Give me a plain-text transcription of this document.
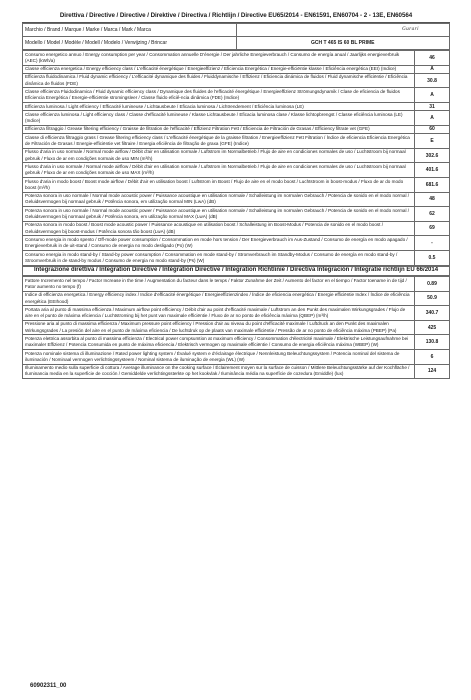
Direttiva / Directive / Directive / Direktive / Directiva / Richtlijn / Directive EU65/2014 - EN61591, EN60704 - 2 - 13E, EN60564
Marchio / Brand / Marque / Marke / Marca / Mark / Marca	Gurari
Modello / Model / Modèle / Modell / Modelo / Verwijzing / Brincar	GCH T 465 IS 60 BL PRIME
Consumo energetico annuo / Energy consumption per year / Consommation annuelle D'énergie / Der jahrliche Energieverbrauch / Consumo de energía anual / Jaarlijks energieverbruik (AEC) (kWh/a)	46
Classe efficienza energetica / Energy efficiency class / L'efficacité énergétique / Energieeffizienz / Eficiencia Energética / Energie-efficiëntie klasse / Eficiência energética (EEI) (Indice)	A
Efficienza fluidodinamica / Fluid dynamic efficiency / L'efficacité dynamique des fluides / Fluiddynamische / Effizienz / Eficiencia dinámica de fluidos / Fluid dynamische efficiëntie / Eficiência dinâmica de fluidos (FDE)	30.8
Classe efficienza Fluidodinamica / Fluid dynamic efficiency class / Dynamique des fluides de l'efficacité énergétique / Energieeffizienz Strömungsdynamik / Clase de eficiencia de fluidos Eficiencia Energética / Energie-efficiëntie stromingsleer / Classe fluido eficiê-ncia dinâmica (FDE) (Indice)	A
Efficienza luminosa / Light efficiency / Efficacité lumineuse / Lichtausbeute / Eficacia luminosa / Lichtrendement / Eficiência luminosa (LE)	31
Classe efficienza luminosa / Light efficiency class / Classe d'efficacité lumineuse / Klasse Lichtausbeute / Eficacia luminosa clase / Klasse lichtopbrengst / Classe eficiência luminosa (LE) (Indice)	A
Efficienza filtraggio / Grease filtering efficiency / Graisse de filtration de l'efficacité / Effizienz Filtration Fett / Eficiencia de Filtración de Grasas / Efficiency filtrate vet (GFE)	60
Classe di efficienza filtraggio grass / Grease filtering efficiency class / L'efficacité énergétique de la graisse filtration / Energieeffizienz Fett Filtration / Índice de eficiencia Eficiencia Energética de Filtración de Grasas / Energie-efficiëntie vet filtraire / Energia eficiência de filtração de graxa (GFE) (Indice)	E
Flusso d'aria in uso normale / Normal mode airflow / Débit d'air en utilisation normale / Luftstrom im Normalbetrieb / Flujo de aire en condiciones normales de uso / Luchtstroom bij normaal gebruik / Fluxo de ar em condições normais de uso MIN (m³/h)	302.6
Flusso d'aria in uso normale / Normal mode airflow / Débit d'air en utilisation normale / Luftstrom im Normalbetrieb / Flujo de aire en condiciones normales de uso / Luchtstroom bij normaal gebruik / Fluxo de ar em condições normais de uso MAX (m³/h)	401.6
Flusso d'aria in modo boost / Boost mode airflow / Débit d'air en utilisation boost / Luftstrom im Boost / Flujo de aire en el modo boost / Luchtstroom in boost-modus / Fluxo de ar do modo boost (m³/h)	681.6
Potenza sonora in uso normale / Normal mode acoustic power / Puissance acoustique en utilisation normale / Schalleistung im normalen Gebrauch / Potencia de sonido en el modo normal / Geluidsvermogen bij normaal gebruik / Potência sonora, em utilização normal MIN (LwA) (dB)	48
Potenza sonora in uso normale / Normal mode acoustic power / Puissance acoustique en utilisation normale / Schalleistung im normalen Gebrauch / Potencia de sonido en el modo normal / Geluidsvermogen bij normaal gebruik / Potência sonora, em utilização normal MAX (LwA) (dB)	62
Potenza sonora in modo boost / Boost mode acoustic power / Puissance acoustique en utilisation boost / Schalleistung im Boost-Modus / Potencia de sonido en el modo boost / Geluidsvermogen bij boost-modus / Potência sonora tão boost (LwA) (dB)	69
Consumo energia in modo spento / Off-mode power consumption / Consommation en mode hors tension / Der Energieverbrauch im Aus-Zustand / Consumo de energía en modo apagado / Energieverbruik in de uit-stand / Consumo de energia no modo desligado (Po) (W)	-
Consumo energia in modo stand-by / Stand-by power consumption / Consommation en mode stand-by / Stromverbrauch im Standby-Modus / Consumo de energía en modo stand-by / Stroomverbruik in de stand-by modus / Consumo de energia no modo stand-by (Ps) (W)	0.5
Integrazione direttiva / Integration Directive / Intégration Directive / Integration Richtlinie / Directiva Integración / Integratie richtlijn EU 66/2014
Fattore Incremento nel tempo / Factor Increase in the time / Augmentation du facteur dans le temps / Faktor Zunahme der Zeit / Aumento del factor en el tiempo / Factor toename in de tijd / Fator aumento no tempo (f)	0.89
Indice di efficienza energetica / Energy efficiency index / Indice d'efficacité énergétique / Energieeffizienzindex / Índice de eficiencia energética / Energie efficiëntie Index / Índice de eficiência energética (EEIhood)	50.9
Portata aria al punto di massima efficienza / Maximum airflow point efficiency / Débit d'air au point d'efficacité maximale / Luftstrom an den Punkt des maximalen Wirkungsgrades / Flujo de aire en el punto de máxima eficiencia / Luchtstroming bij het punt van maximale efficiëntie / Fluxo de ar no ponto de eficiência máxima (QBEP) (m³/h)	340.7
Pressione aria al punto di massima efficienza / Maximum pressure point efficiency / Pression d'air au niveau du point d'efficacité maximale / Luftdruck an den Punkt des maximalen Wirkungsgrades / La presión del aire en el punto de máxima eficiencia / De luchtdruk op de plaats van maximale efficiëntie / Pressão de ar no ponto de eficiência máxima (PBEP) (Pa)	425
Potenza elettrica assorbita al punto di massima efficienza / Electrical power compsumtion at maximum efficiency / Consommation d'électricité maximale / Elektrische Leistungsaufnahme bei maximaler Effizienz / Potencia Consumida en punto de máxima eficiencia / Elektrisch vermogen op maximale efficiëntie / Consumo de energia eficiência máxima (WBEP) (W)	130.8
Potenza nominale sistema di illuminazione / Rated power lighting system / Évalué system e d'éclairage électrique / Nennleistung Beleuchtungssystem / Potencia nominal del sistema de iluminación / Nominaal vermogen verlichtingssysteem / Nominal sistema de iluminação de energia (WL) (W)	6
Illuminamento medio sulla superficie di cottura / Average illuminance on the cooking surface / Éclairement moyen sur la surface de cuisson / Mittlere Beleuchtungsstärke auf der Kochfläche / Iluminancia media en la superficie de cocción / Gemiddelde verlichtingssterkte op het kookvlak / Iluminância média na superfície de cozedura (Emiddle) (lux)	124
60902311_00
